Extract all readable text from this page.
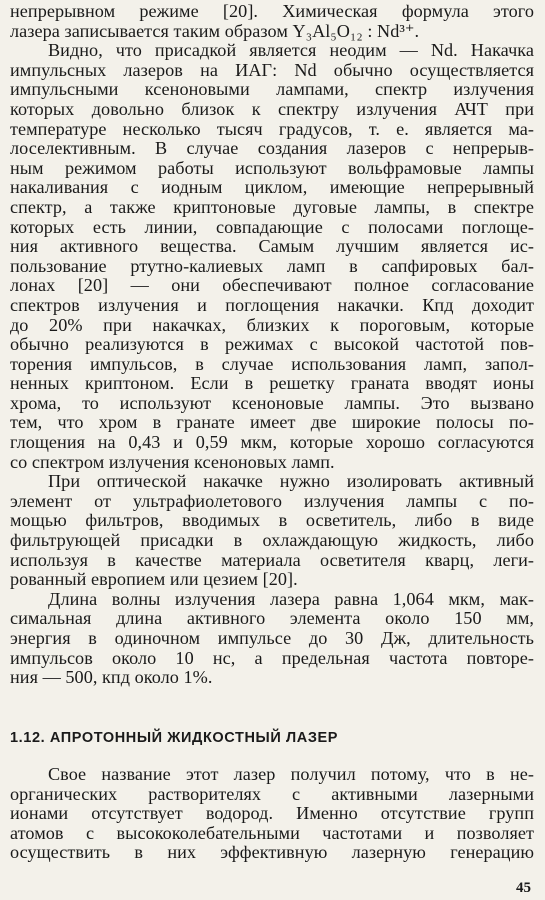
непрерывном режиме [20]. Химическая формула этого
лазера записывается таким образом Y₃Al₅O₁₂ : Nd³⁺.
Видно, что присадкой является неодим — Nd. Накачка
импульсных лазеров на ИАГ: Nd обычно осуществляется
импульсными ксеноновыми лампами, спектр излучения
которых довольно близок к спектру излучения АЧТ при
температуре несколько тысяч градусов, т. е. является ма-
лоселективным. В случае создания лазеров с непрерыв-
ным режимом работы используют вольфрамовые лампы
накаливания с иодным циклом, имеющие непрерывный
спектр, а также криптоновые дуговые лампы, в спектре
которых есть линии, совпадающие с полосами поглоще-
ния активного вещества. Самым лучшим является ис-
пользование ртутно-калиевых ламп в сапфировых бал-
лонах [20] — они обеспечивают полное согласование
спектров излучения и поглощения накачки. Кпд доходит
до 20% при накачках, близких к пороговым, которые
обычно реализуются в режимах с высокой частотой пов-
торения импульсов, в случае использования ламп, запол-
ненных криптоном. Если в решетку граната вводят ионы
хрома, то используют ксеноновые лампы. Это вызвано
тем, что хром в гранате имеет две широкие полосы по-
глощения на 0,43 и 0,59 мкм, которые хорошо согласуются
со спектром излучения ксеноновых ламп.
При оптической накачке нужно изолировать активный
элемент от ультрафиолетового излучения лампы с по-
мощью фильтров, вводимых в осветитель, либо в виде
фильтрующей присадки в охлаждающую жидкость, либо
используя в качестве материала осветителя кварц, леги-
рованный европием или цезием [20].
Длина волны излучения лазера равна 1,064 мкм, мак-
симальная длина активного элемента около 150 мм,
энергия в одиночном импульсе до 30 Дж, длительность
импульсов около 10 нс, а предельная частота повторе-
ния — 500, кпд около 1%.
1.12. АПРОТОННЫЙ ЖИДКОСТНЫЙ ЛАЗЕР
Свое название этот лазер получил потому, что в не-
органических растворителях с активными лазерными
ионами отсутствует водород. Именно отсутствие групп
атомов с высококолебательными частотами и позволяет
осуществить в них эффективную лазерную генерацию
45
